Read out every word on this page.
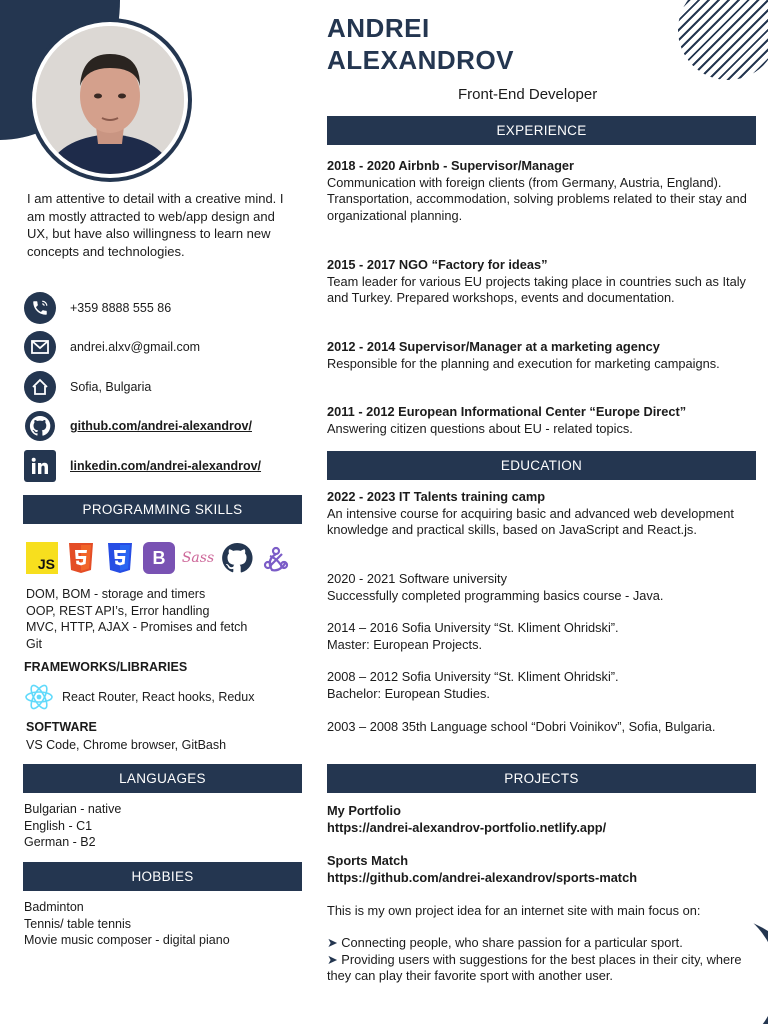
ANDREI
ALEXANDROV
Front-End Developer
I am attentive to detail with a creative mind. I am mostly attracted to web/app design and UX, but have also willingness to learn new concepts and technologies.
+359 8888 555 86
andrei.alxv@gmail.com
Sofia, Bulgaria
github.com/andrei-alexandrov/
linkedin.com/andrei-alexandrov/
PROGRAMMING SKILLS
JS	B Sass
DOM, BOM - storage and timers
OOP, REST API’s, Error handling
MVC, HTTP, AJAX - Promises and fetch
Git
FRAMEWORKS/LIBRARIES
React Router, React hooks, Redux
SOFTWARE
VS Code, Chrome browser, GitBash
LANGUAGES
Bulgarian - native
English - C1
German - B2
HOBBIES
Badminton
Tennis/ table tennis
Movie music composer - digital piano
EXPERIENCE
2018 - 2020 Airbnb - Supervisor/Manager
Communication with foreign clients (from Germany, Austria, England).
Transportation, accommodation, solving problems related to their stay and organizational planning.
2015 - 2017 NGO “Factory for ideas”
Team leader for various EU projects taking place in countries such as Italy and Turkey. Prepared workshops, events and documentation.
2012 - 2014 Supervisor/Manager at a marketing agency
Responsible for the planning and execution for marketing campaigns.
2011 - 2012 European Informational Center “Europe Direct”
Answering citizen questions about EU - related topics.
EDUCATION
2022 - 2023 IT Talents training camp
An intensive course for acquiring basic and advanced web development knowledge and practical skills, based on JavaScript and React.js.
2020 - 2021 Software university
Successfully completed programming basics course - Java.
2014 – 2016 Sofia University “St. Kliment Ohridski”.
Master: European Projects.
2008 – 2012 Sofia University “St. Kliment Ohridski”.
Bachelor: European Studies.
2003 – 2008 35th Language school “Dobri Voinikov”, Sofia, Bulgaria.
PROJECTS
My Portfolio
https://andrei-alexandrov-portfolio.netlify.app/
Sports Match
https://github.com/andrei-alexandrov/sports-match
This is my own project idea for an internet site with main focus on:
➤ Connecting people, who share passion for a particular sport.
➤ Providing users with suggestions for the best places in their city, where they can play their favorite sport with another user.
